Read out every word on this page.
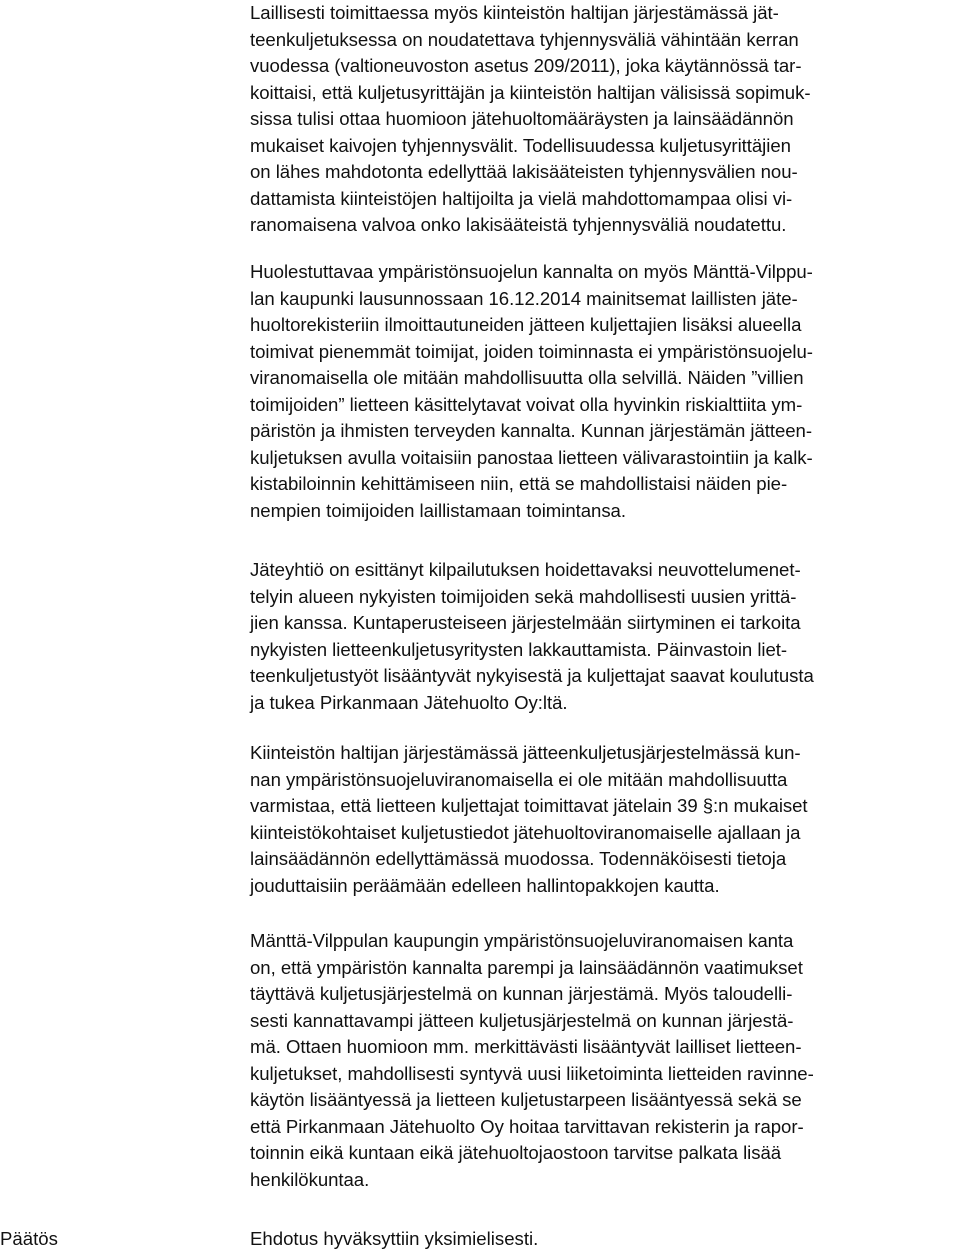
Laillisesti toimittaessa myös kiinteistön haltijan järjestämässä jät-
teenkuljetuksessa on noudatettava tyhjennysväliä vähintään kerran
vuodessa (valtioneuvoston asetus 209/2011), joka käytännössä tar-
koittaisi, että kuljetusyrittäjän ja kiinteistön haltijan välisissä sopimuk-
sissa tulisi ottaa huomioon jätehuoltomääräysten ja lainsäädännön
mukaiset kaivojen tyhjennysvälit. Todellisuudessa kuljetusyrittäjien
on lähes mahdotonta edellyttää lakisääteisten tyhjennysvälien nou-
dattamista kiinteistöjen haltijoilta ja vielä mahdottomampaa olisi vi-
ranomaisena valvoa onko lakisääteistä tyhjennysväliä noudatettu.

Huolestuttavaa ympäristönsuojelun kannalta on myös Mänttä-Vilppu-
lan kaupunki lausunnossaan 16.12.2014 mainitsemat laillisten jäte-
huoltorekisteriin ilmoittautuneiden jätteen kuljettajien lisäksi alueella
toimivat pienemmät toimijat, joiden toiminnasta ei ympäristönsuojelu-
viranomaisella ole mitään mahdollisuutta olla selvillä. Näiden ”villien
toimijoiden” lietteen käsittelytavat voivat olla hyvinkin riskialttiita ym-
päristön ja ihmisten terveyden kannalta. Kunnan järjestämän jätteen-
kuljetuksen avulla voitaisiin panostaa lietteen välivarastointiin ja kalk-
kistabiloinnin kehittämiseen niin, että se mahdollistaisi näiden pie-
nempien toimijoiden laillistamaan toimintansa.

Jäteyhtiö on esittänyt kilpailutuksen hoidettavaksi neuvottelumenet-
telyin alueen nykyisten toimijoiden sekä mahdollisesti uusien yrittä-
jien kanssa. Kuntaperusteiseen järjestelmään siirtyminen ei tarkoita
nykyisten lietteenkuljetusyritysten lakkauttamista. Päinvastoin liet-
teenkuljetustyöt lisääntyvät nykyisestä ja kuljettajat saavat koulutusta
ja tukea Pirkanmaan Jätehuolto Oy:ltä.

Kiinteistön haltijan järjestämässä jätteenkuljetusjärjestelmässä kun-
nan ympäristönsuojeluviranomaisella ei ole mitään mahdollisuutta
varmistaa, että lietteen kuljettajat toimittavat jätelain 39 §:n mukaiset
kiinteistökohtaiset kuljetustiedot jätehuoltoviranomaiselle ajallaan ja
lainsäädännön edellyttämässä muodossa. Todennäköisesti tietoja
jouduttaisiin peräämään edelleen hallintopakkojen kautta.

Mänttä-Vilppulan kaupungin ympäristönsuojeluviranomaisen kanta
on, että ympäristön kannalta parempi ja lainsäädännön vaatimukset
täyttävä kuljetusjärjestelmä on kunnan järjestämä. Myös taloudelli-
sesti kannattavampi jätteen kuljetusjärjestelmä on kunnan järjestä-
mä. Ottaen huomioon mm. merkittävästi lisääntyvät lailliset lietteen-
kuljetukset, mahdollisesti syntyvä uusi liiketoiminta lietteiden ravinne-
käytön lisääntyessä ja lietteen kuljetustarpeen lisääntyessä sekä se
että Pirkanmaan Jätehuolto Oy hoitaa tarvittavan rekisterin ja rapor-
toinnin eikä kuntaan eikä jätehuoltojaostoon tarvitse palkata lisää
henkilökuntaa.

Päätös	Ehdotus hyväksyttiin yksimielisesti.
